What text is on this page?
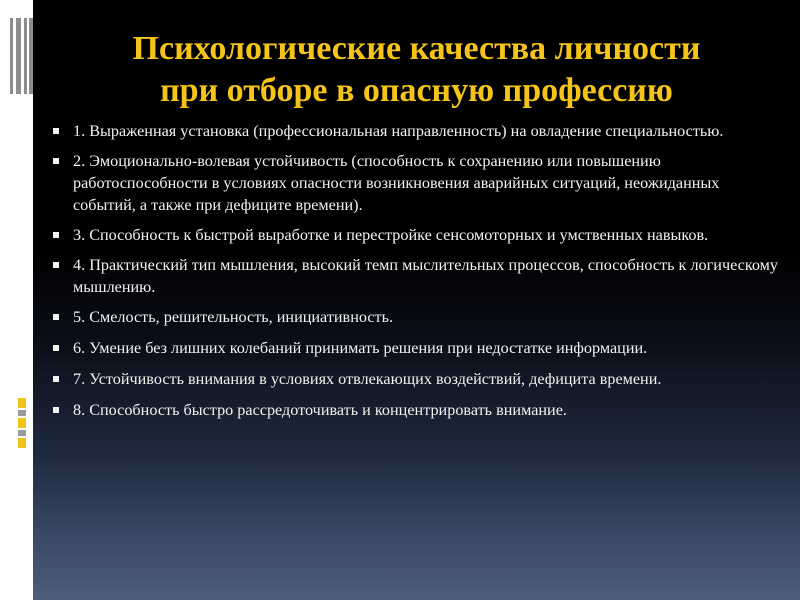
Психологические качества личности
при отборе в опасную профессию
1. Выраженная установка (профессиональная направленность) на овладение специальностью.
2. Эмоционально-волевая устойчивость (способность к сохранению или повышению работоспособности в условиях опасности возникновения аварийных ситуаций, неожиданных событий, а также при дефиците времени).
3. Способность к быстрой выработке и перестройке сенсомоторных и умственных навыков.
4. Практический тип мышления, высокий темп мыслительных процессов, способность к логическому мышлению.
5. Смелость, решительность, инициативность.
6. Умение без лишних колебаний принимать решения при недостатке информации.
7. Устойчивость внимания в условиях отвлекающих воздействий, дефицита времени.
8. Способность быстро рассредоточивать и концентрировать внимание.
